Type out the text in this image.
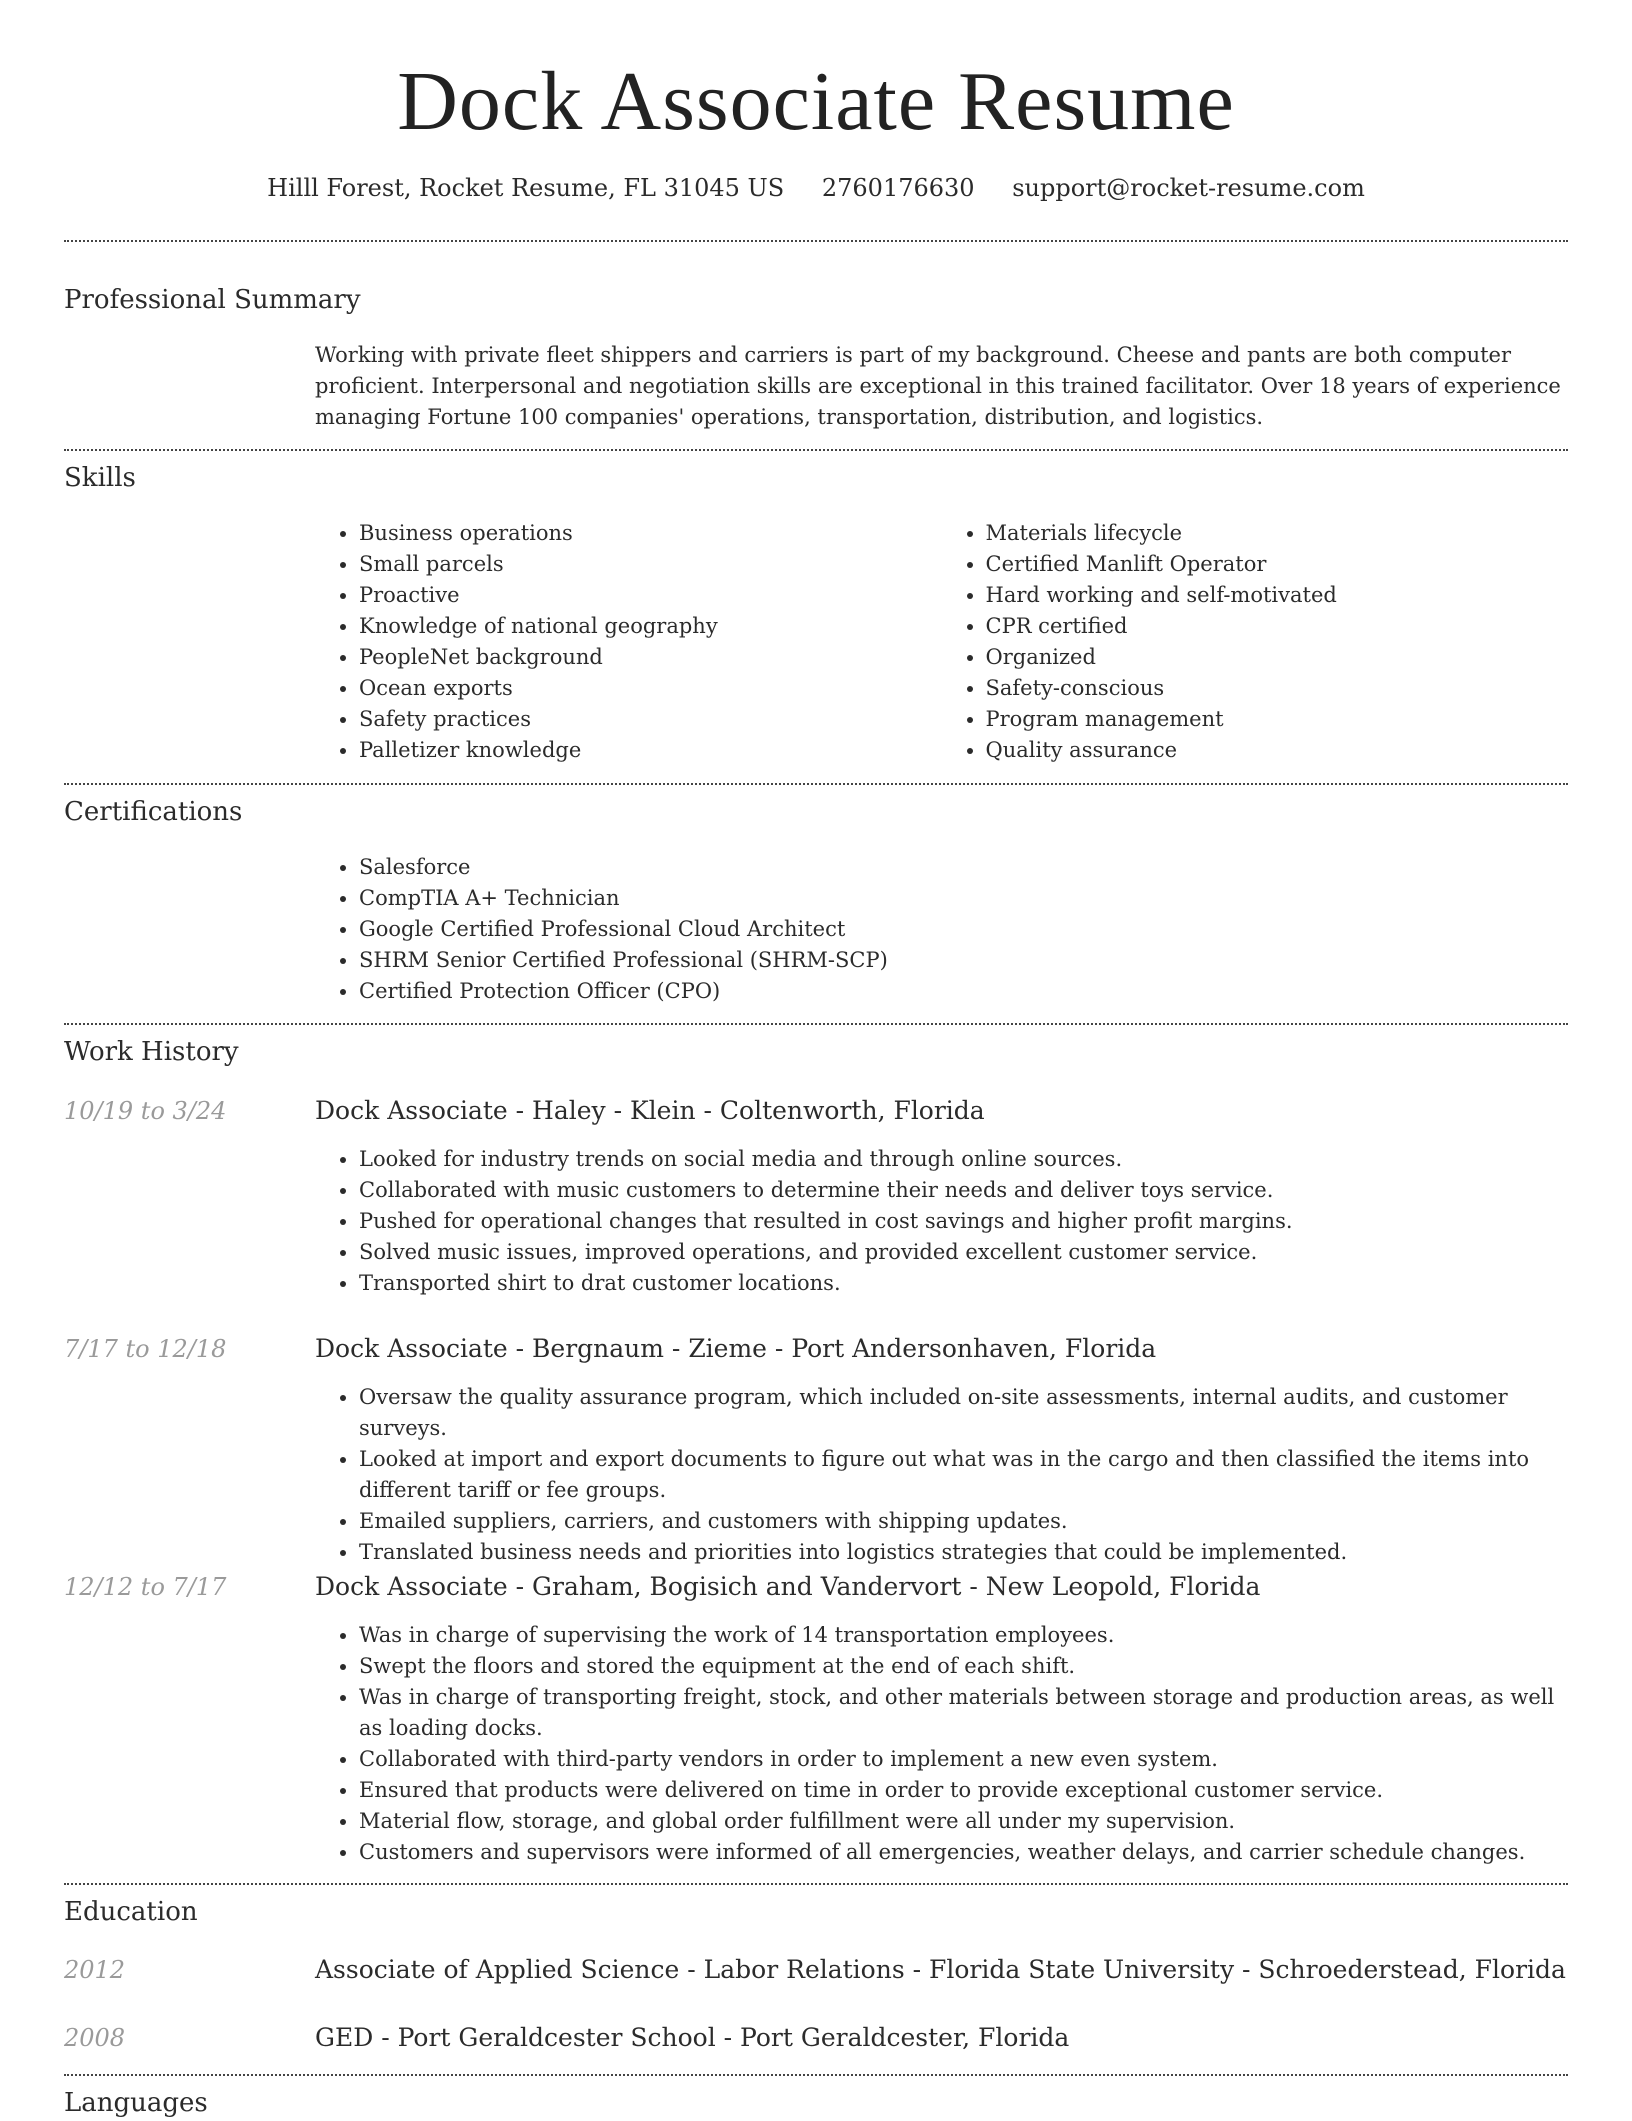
Dock Associate Resume
Hilll Forest, Rocket Resume, FL 31045 US 2760176630 support@rocket-resume.com
Professional Summary

Working with private fleet shippers and carriers is part of my background. Cheese and pants are both computer proficient. Interpersonal and negotiation skills are exceptional in this trained facilitator. Over 18 years of experience managing Fortune 100 companies' operations, transportation, distribution, and logistics.

Skills
• Business operations
• Small parcels
• Proactive
• Knowledge of national geography
• PeopleNet background
• Ocean exports
• Safety practices
• Palletizer knowledge
• Materials lifecycle
• Certified Manlift Operator
• Hard working and self-motivated
• CPR certified
• Organized
• Safety-conscious
• Program management
• Quality assurance
Certifications
• Salesforce
• CompTIA A+ Technician
• Google Certified Professional Cloud Architect
• SHRM Senior Certified Professional (SHRM-SCP)
• Certified Protection Officer (CPO)
Work History
10/19 to 3/24	Dock Associate - Haley - Klein - Coltenworth, Florida
• Looked for industry trends on social media and through online sources.
• Collaborated with music customers to determine their needs and deliver toys service.
• Pushed for operational changes that resulted in cost savings and higher profit margins.
• Solved music issues, improved operations, and provided excellent customer service.
• Transported shirt to drat customer locations.
7/17 to 12/18	Dock Associate - Bergnaum - Zieme - Port Andersonhaven, Florida
• Oversaw the quality assurance program, which included on-site assessments, internal audits, and customer surveys.
• Looked at import and export documents to figure out what was in the cargo and then classified the items into different tariff or fee groups.
• Emailed suppliers, carriers, and customers with shipping updates.
• Translated business needs and priorities into logistics strategies that could be implemented.
12/12 to 7/17	Dock Associate - Graham, Bogisich and Vandervort - New Leopold, Florida
• Was in charge of supervising the work of 14 transportation employees.
• Swept the floors and stored the equipment at the end of each shift.
• Was in charge of transporting freight, stock, and other materials between storage and production areas, as well as loading docks.
• Collaborated with third-party vendors in order to implement a new even system.
• Ensured that products were delivered on time in order to provide exceptional customer service.
• Material flow, storage, and global order fulfillment were all under my supervision.
• Customers and supervisors were informed of all emergencies, weather delays, and carrier schedule changes.
Education
2012	Associate of Applied Science - Labor Relations - Florida State University - Schroederstead, Florida
2008	GED - Port Geraldcester School - Port Geraldcester, Florida
Languages
